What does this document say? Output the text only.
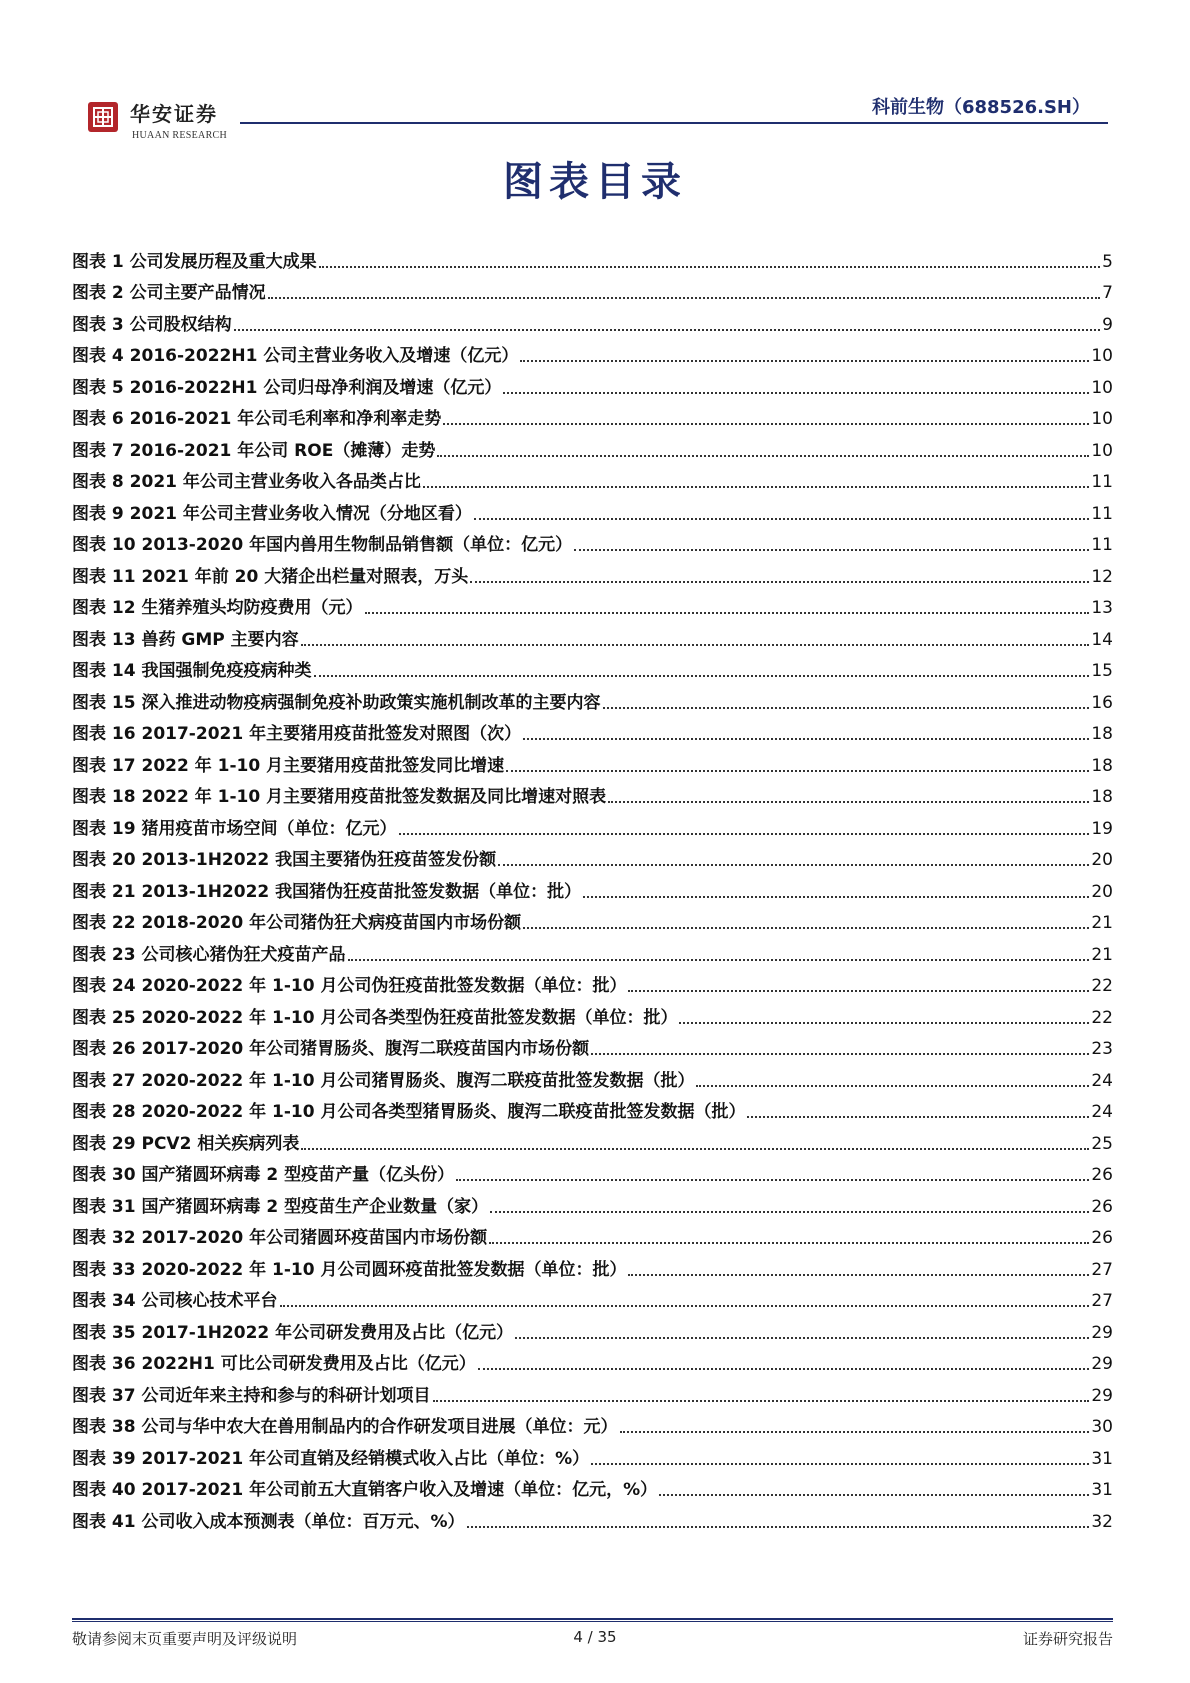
华安证券
HUAAN RESEARCH
科前生物（688526.SH）
图表目录
图表 1 公司发展历程及重大成果	5
图表 2 公司主要产品情况	7
图表 3 公司股权结构	9
图表 4 2016-2022H1 公司主营业务收入及增速（亿元）	10
图表 5 2016-2022H1 公司归母净利润及增速（亿元）	10
图表 6 2016-2021 年公司毛利率和净利率走势	10
图表 7 2016-2021 年公司 ROE（摊薄）走势	10
图表 8 2021 年公司主营业务收入各品类占比	11
图表 9 2021 年公司主营业务收入情况（分地区看）	11
图表 10 2013-2020 年国内兽用生物制品销售额（单位：亿元）	11
图表 11 2021 年前 20 大猪企出栏量对照表，万头	12
图表 12 生猪养殖头均防疫费用（元）	13
图表 13 兽药 GMP 主要内容	14
图表 14 我国强制免疫疫病种类	15
图表 15 深入推进动物疫病强制免疫补助政策实施机制改革的主要内容	16
图表 16 2017-2021 年主要猪用疫苗批签发对照图（次）	18
图表 17 2022 年 1-10 月主要猪用疫苗批签发同比增速	18
图表 18 2022 年 1-10 月主要猪用疫苗批签发数据及同比增速对照表	18
图表 19 猪用疫苗市场空间（单位：亿元）	19
图表 20 2013-1H2022 我国主要猪伪狂疫苗签发份额	20
图表 21 2013-1H2022 我国猪伪狂疫苗批签发数据（单位：批）	20
图表 22 2018-2020 年公司猪伪狂犬病疫苗国内市场份额	21
图表 23 公司核心猪伪狂犬疫苗产品	21
图表 24 2020-2022 年 1-10 月公司伪狂疫苗批签发数据（单位：批）	22
图表 25 2020-2022 年 1-10 月公司各类型伪狂疫苗批签发数据（单位：批）	22
图表 26 2017-2020 年公司猪胃肠炎、腹泻二联疫苗国内市场份额	23
图表 27 2020-2022 年 1-10 月公司猪胃肠炎、腹泻二联疫苗批签发数据（批）	24
图表 28 2020-2022 年 1-10 月公司各类型猪胃肠炎、腹泻二联疫苗批签发数据（批）	24
图表 29 PCV2 相关疾病列表	25
图表 30 国产猪圆环病毒 2 型疫苗产量（亿头份）	26
图表 31 国产猪圆环病毒 2 型疫苗生产企业数量（家）	26
图表 32 2017-2020 年公司猪圆环疫苗国内市场份额	26
图表 33 2020-2022 年 1-10 月公司圆环疫苗批签发数据（单位：批）	27
图表 34 公司核心技术平台	27
图表 35 2017-1H2022 年公司研发费用及占比（亿元）	29
图表 36 2022H1 可比公司研发费用及占比（亿元）	29
图表 37 公司近年来主持和参与的科研计划项目	29
图表 38 公司与华中农大在兽用制品内的合作研发项目进展（单位：元）	30
图表 39 2017-2021 年公司直销及经销模式收入占比（单位：%）	31
图表 40 2017-2021 年公司前五大直销客户收入及增速（单位：亿元，%）	31
图表 41 公司收入成本预测表（单位：百万元、%）	32
敬请参阅末页重要声明及评级说明	4 / 35	证券研究报告
